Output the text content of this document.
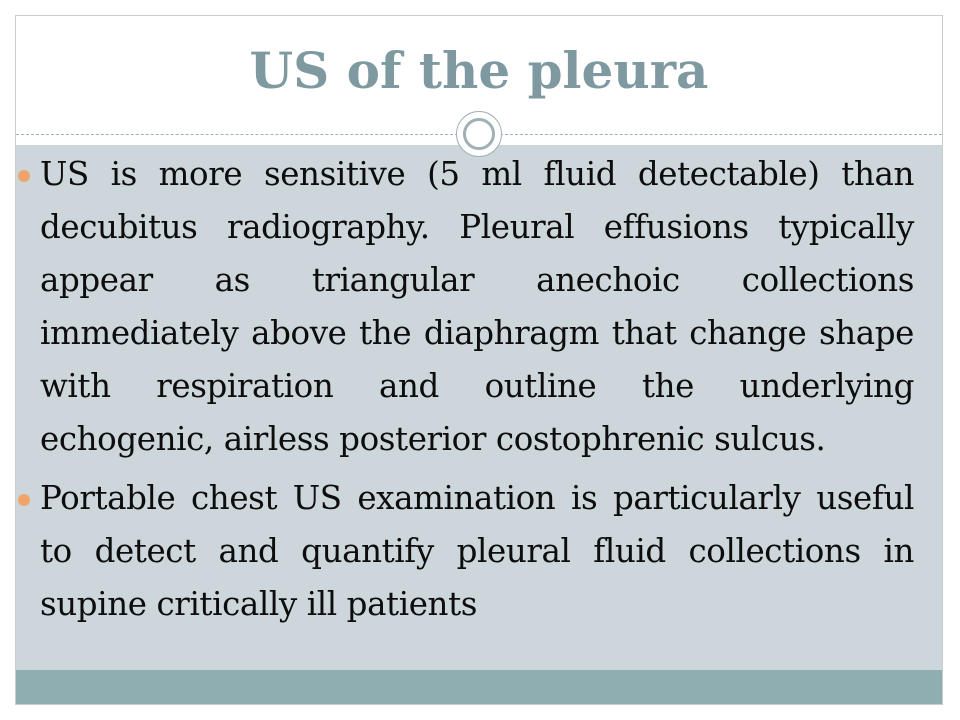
US of the pleura
US is more sensitive (5 ml fluid detectable) than decubitus radiography. Pleural effusions typically appear as triangular anechoic collections immediately above the diaphragm that change shape with respiration and outline the underlying echogenic, airless posterior costophrenic sulcus.
Portable chest US examination is particularly useful to detect and quantify pleural fluid collections in supine critically ill patients
